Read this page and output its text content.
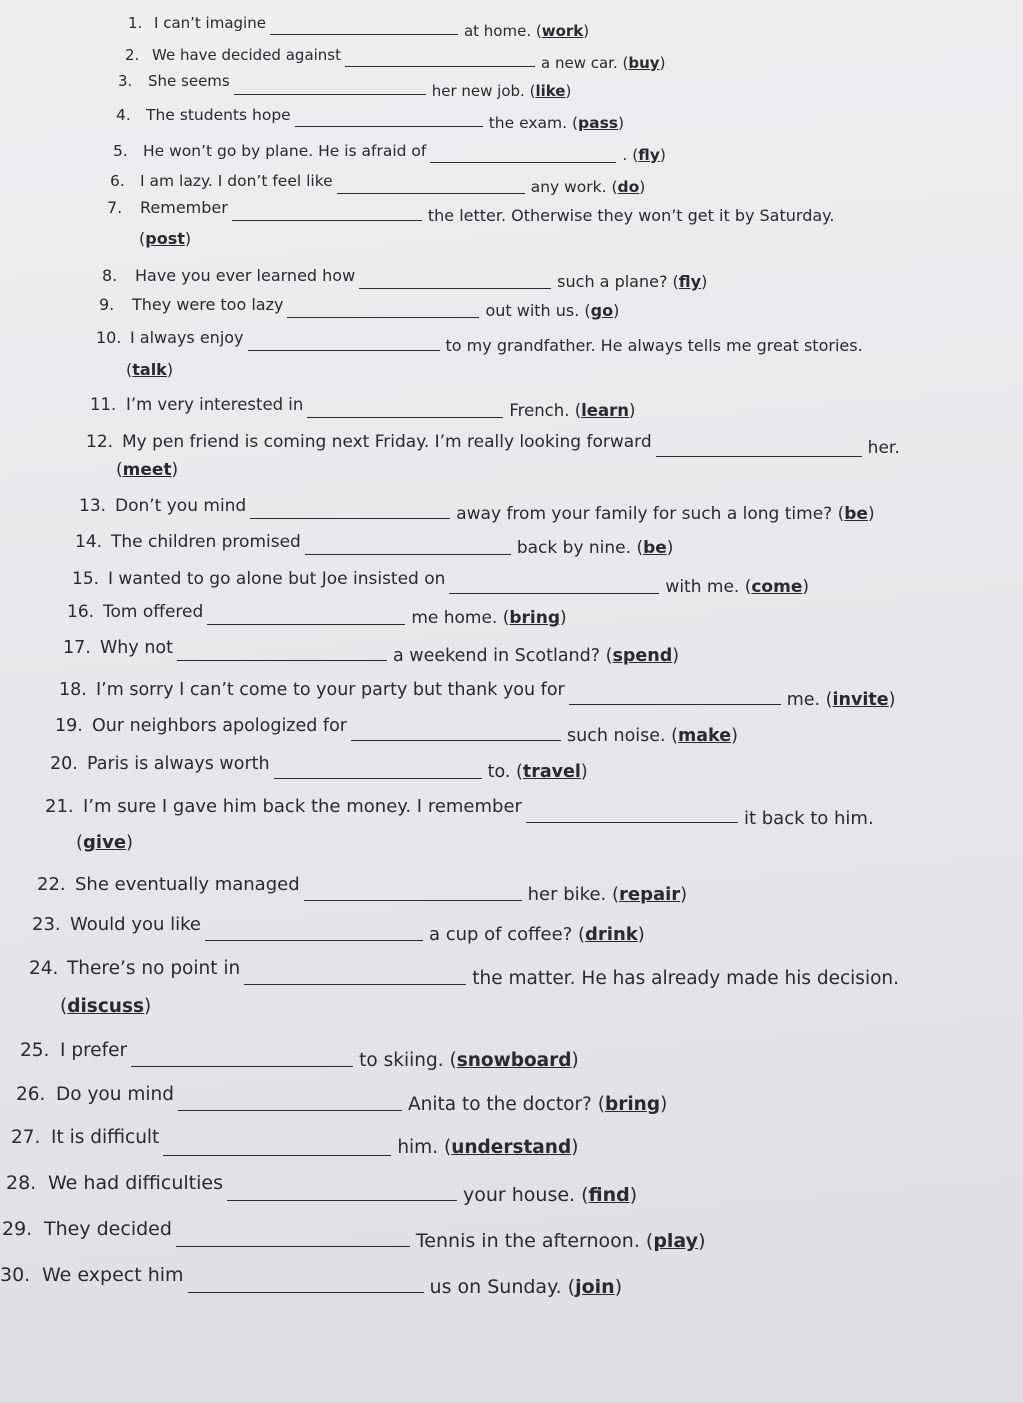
1. I can’t imagine	at home. (work)
2. We have decided against	a new car. (buy)
3.	She seems
her new job. (like)
4. The students hope	the exam. (pass)
5. He won’t go by plane. He is afraid of	. (fly)
6. I am lazy. I don’t feel like	any work. (do)
7.	Remember	the letter. Otherwise they won’t get it by Saturday.
(post)
8.	Have you ever learned how	such a plane? (fly)
9.	They were too lazy	out with us. (go)
10. I always enjoy	to my grandfather. He always tells me great stories.
(talk)
11. I’m very interested in	French. (learn)
12. My pen friend is coming next Friday. I’m really looking forward	her.
(meet)
13. Don’t you mind	away from your family for such a long time? (be)
14. The children promised	back by nine. (be)
15. I wanted to go alone but Joe insisted on	with me. (come)
16. Tom offered	me home. (bring)
17. Why not	a weekend in Scotland? (spend)
18. I’m sorry I can’t come to your party but thank you for	me. (invite)
19. Our neighbors apologized for	such noise. (make)
20. Paris is always worth	to. (travel)
21. I’m sure I gave him back the money. I remember
it back to him.
(give)
22. She eventually managed	her bike. (repair)
23. Would you like	a cup of coffee? (drink)
24. There’s no point in	the matter. He has already made his decision.
(discuss)
25. I prefer	to skiing. (snowboard)
26. Do you mind	Anita to the doctor? (bring)
27. It is difficult	him. (understand)
28. We had difficulties
your house. (find)
29. They decided
Tennis in the afternoon. (play)
30. We expect him
us on Sunday. (join)
